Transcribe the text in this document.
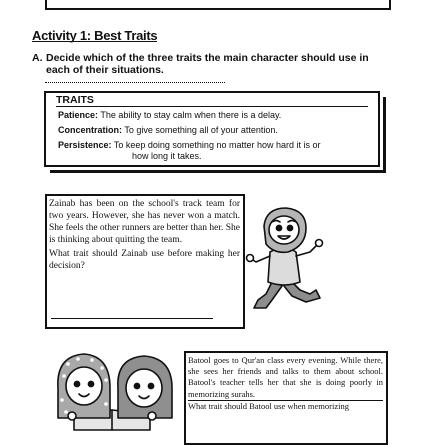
Activity 1: Best Traits
A. Decide which of the three traits the main character should use in
each of their situations.
TRAITS
Patience: The ability to stay calm when there is a delay.
Concentration: To give something all of your attention.
Persistence: To keep doing something no matter how hard it is or
how long it takes.
Zainab has been on the school's track team for two years. However, she has never won a match. She feels the other runners are better than her. She is thinking about quitting the team.
What trait should Zainab use before making her decision?
Batool goes to Qur'an class every evening. While there, she sees her friends and talks to them about school. Batool's teacher tells her that she is doing poorly in memorizing surahs.
What trait should Batool use when memorizing
